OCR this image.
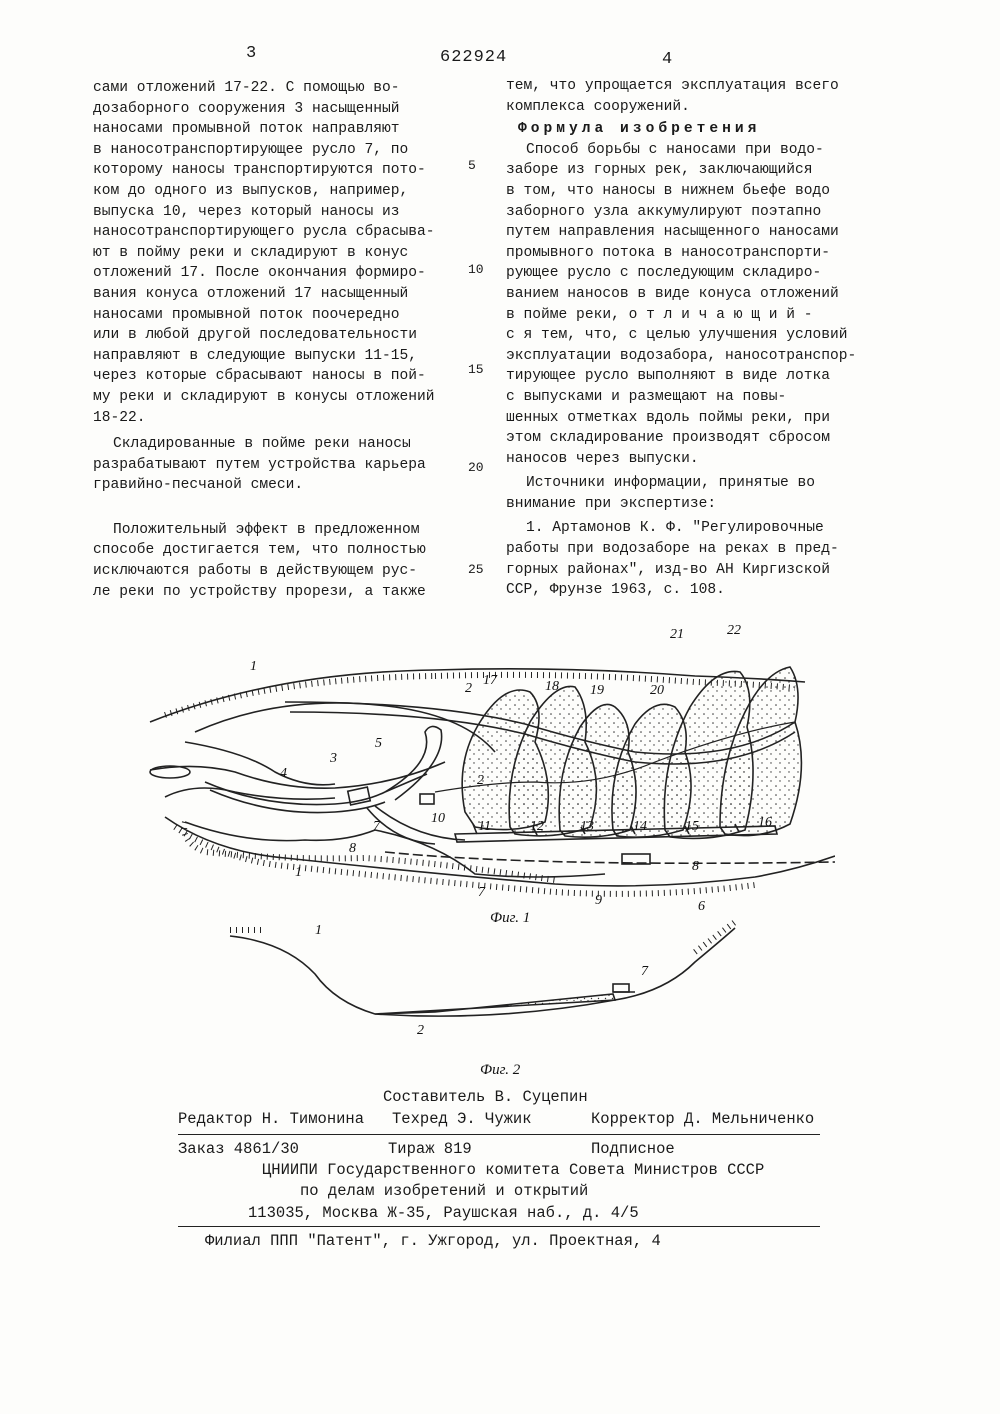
3	622924	4
сами отложений 17-22. С помощью во-
дозаборного сооружения 3 насыщенный
наносами промывной поток направляют
в наносотранспортирующее русло 7, по
которому наносы транспортируются пото-
ком до одного из выпусков, например,
выпуска 10, через который наносы из
наносотранспортирующего русла сбрасыва-
ют в пойму реки и складируют в конус
отложений 17. После окончания формиро-
вания конуса отложений 17 насыщенный
наносами промывной поток поочередно
или в любой другой последовательности
направляют в следующие выпуски 11-15,
через которые сбрасывают наносы в пой-
му реки и складируют в конусы отложений
18-22.
Складированные в пойме реки наносы
разрабатывают путем устройства карьера
гравийно-песчаной смеси.
Положительный эффект в предложенном
способе достигается тем, что полностью
исключаются работы в действующем рус-
ле реки по устройству прорези, а также
5
10
15
20
25
тем, что упрощается эксплуатация всего
комплекса сооружений.
Формула изобретения
Способ борьбы с наносами при водо-
заборе из горных рек, заключающийся
в том, что наносы в нижнем бьефе водо
заборного узла аккумулируют поэтапно
путем направления насыщенного наносами
промывного потока в наносотранспорти-
рующее русло с последующим складиро-
ванием наносов в виде конуса отложений
в пойме реки, о т л и ч а ю щ и й -
с я тем, что, с целью улучшения условий
эксплуатации водозабора, наносотранспор-
тирующее русло выполняют в виде лотка
с выпусками и размещают на повы-
шенных отметках вдоль поймы реки, при
этом складирование производят сбросом
наносов через выпуски.
Источники информации, принятые во
внимание при экспертизе:
1. Артамонов К. Ф. "Регулировочные
работы при водозаборе на реках в пред-
горных районах", изд-во АН Киргизской
ССР, Фрунзе 1963, с. 108.
1
2
17	18 19	20
21	22
3
5
4	2
10
11	12	13	14	15	16
8
7
8
1
7
9	6
Фиг. 1
1
7
2
Фиг. 2
Составитель В. Суцепин
Редактор Н. Тимонина Техред Э. Чужик	Корректор Д. Мельниченко
Заказ 4861/30	Тираж 819	Подписное
ЦНИИПИ Государственного комитета Совета Министров СССР
по делам изобретений и открытий
113035, Москва Ж-35, Раушская наб., д. 4/5
Филиал ППП "Патент", г. Ужгород, ул. Проектная, 4
